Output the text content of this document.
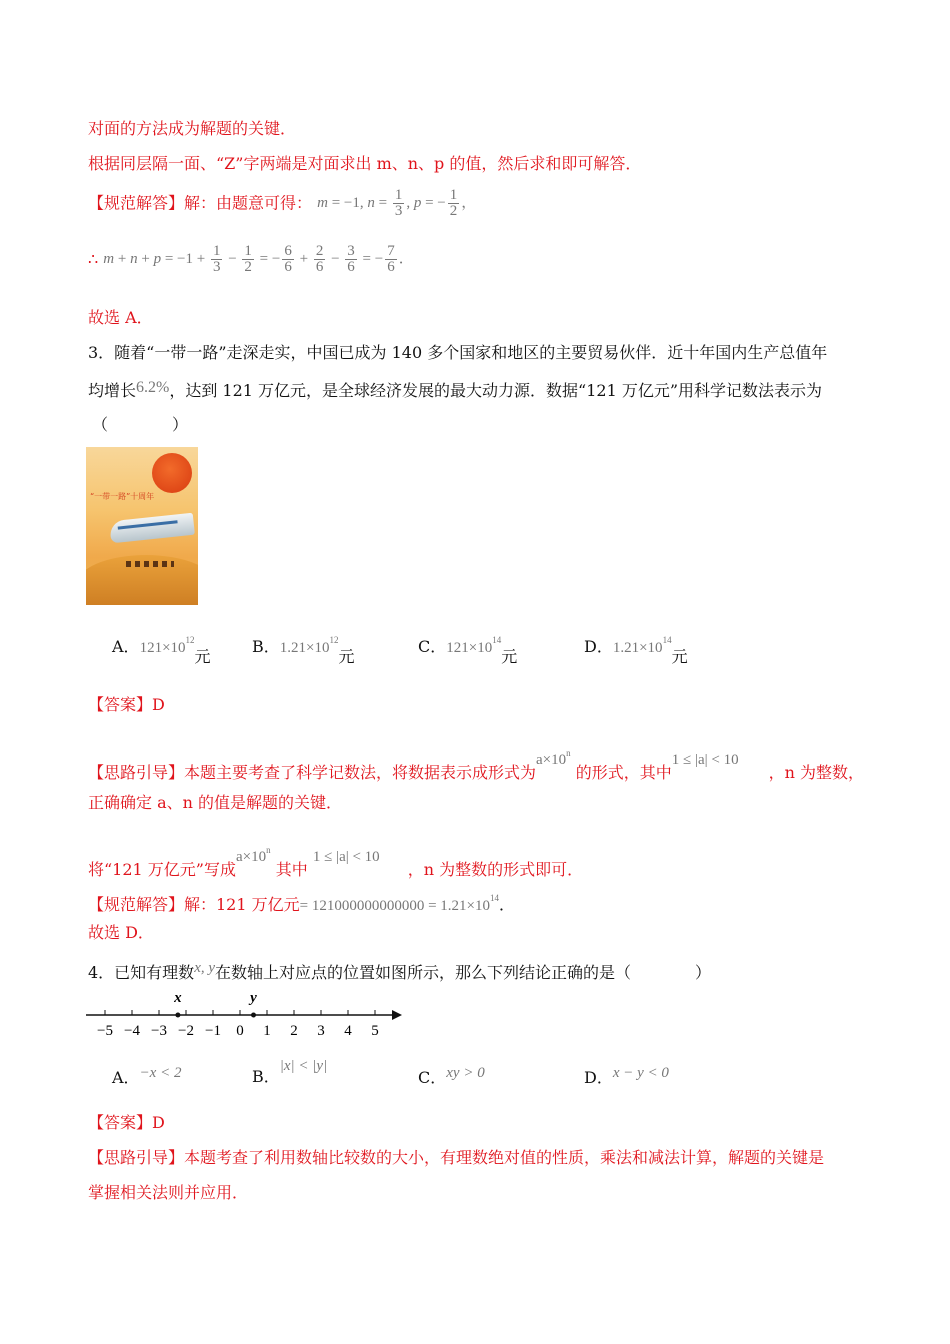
对面的方法成为解题的关键．
根据同层隔一面、“Z”字两端是对面求出 m、n、p 的值，然后求和即可解答．
【规范解答】解：由题意可得： m = −1, $n = \frac{1}{3}$ , p = − $\frac{1}{2}$ ，
∴ $m + n + p = -1 + \frac{1}{3} - \frac{1}{2}$ = − $\frac{6}{6} + \frac{2}{6} - \frac{3}{6}$ = − $\frac{7}{6}$ ．
故选 A．
3．随着“一带一路”走深走实，中国已成为 140 多个国家和地区的主要贸易伙伴．近十年国内生产总值年
均增长6.2%，达到 121 万亿元，是全球经济发展的最大动力源．数据“121 万亿元”用科学记数法表示为
（　　　　）
“一带一路”十周年
A．$121\times 10^{12}$元
B．$1.21\times 10^{12}$元
C．$121\times 10^{14}$元
D．$1.21\times 10^{14}$元
【答案】D
【思路引导】本题主要考查了科学记数法，将数据表示成形式为$a\times 10^n$ 的形式，其中1 ≤ |a| < 10，n 为整数，
正确确定 a、n 的值是解题的关键．
将“121 万亿元”写成$a\times 10^n$ 其中 1 ≤ |a| < 10，n 为整数的形式即可．
【规范解答】解：121 万亿元= $121000000000000 = 1.21\times 10^{14}$．
故选 D．
4．已知有理数x, y在数轴上对应点的位置如图所示，那么下列结论正确的是（　　　　）
−5 −4 −3 −2 −1 0 1 2 3 4 5
x	y
A．−x < 2	B．|x| < |y|
C．xy > 0	D．x − y < 0
【答案】D
【思路引导】本题考查了利用数轴比较数的大小，有理数绝对值的性质，乘法和减法计算，解题的关键是
掌握相关法则并应用．
